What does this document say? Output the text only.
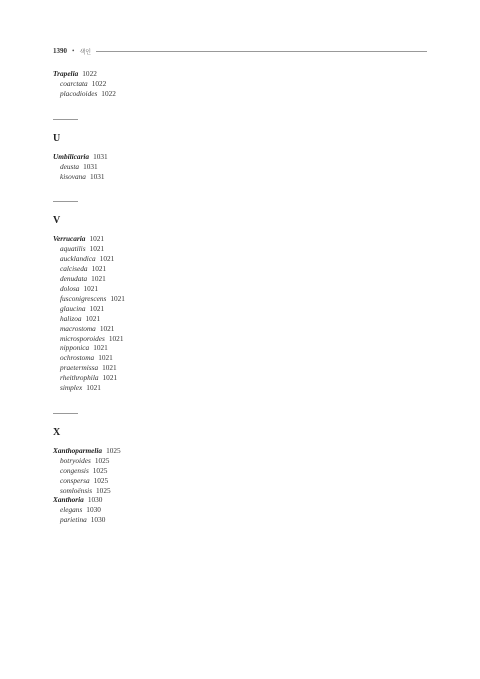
1390 • 색인
Trapelia 1022
coarctata 1022
placodioides 1022
U
Umbilicaria 1031
deusta 1031
kisovana 1031
V
Verrucaria 1021
aquatilis 1021
aucklandica 1021
calciseda 1021
denudata 1021
dolosa 1021
fusconigrescens 1021
glaucina 1021
halizoa 1021
macrostoma 1021
microsporoides 1021
nipponica 1021
ochrostoma 1021
praetermissa 1021
rheithrophila 1021
simplex 1021
X
Xanthoparmelia 1025
botryoides 1025
congensis 1025
conspersa 1025
somloënsis 1025
Xanthoria 1030
elegans 1030
parietina 1030
